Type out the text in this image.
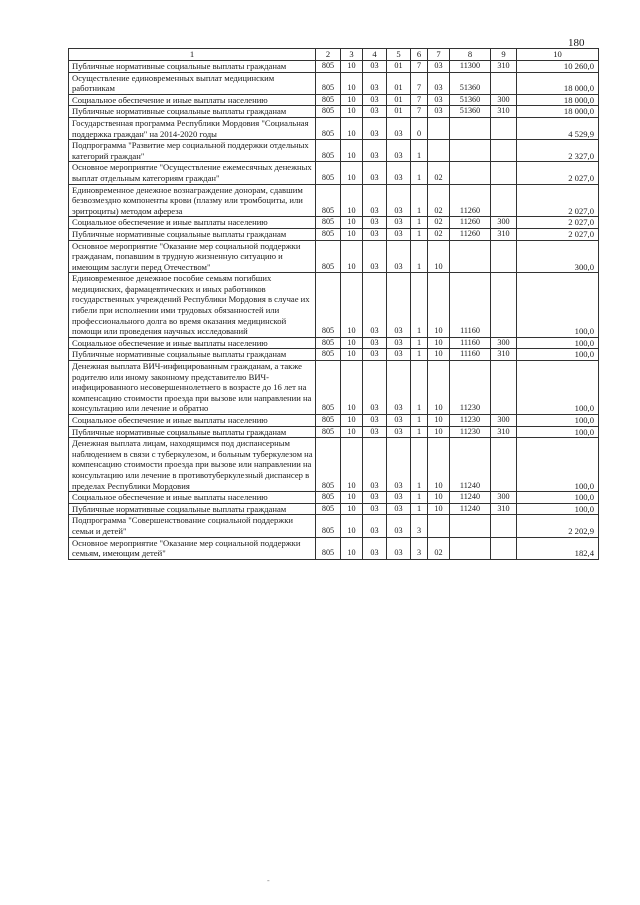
180
1	2	3	4	5	6	7	8	9	10
Публичные нормативные социальные выплаты гражданам	805	10	03	01	7	03	11300	310	10 260,0
Осуществление единовременных выплат медицинским работникам	805	10	03	01	7	03	51360		18 000,0
Социальное обеспечение и иные выплаты населению	805	10	03	01	7	03	51360	300	18 000,0
Публичные нормативные социальные выплаты гражданам	805	10	03	01	7	03	51360	310	18 000,0
Государственная программа Республики Мордовия "Социальная поддержка граждан" на 2014-2020 годы	805	10	03	03	0				4 529,9
Подпрограмма "Развитие мер социальной поддержки отдельных категорий граждан"	805	10	03	03	1				2 327,0
Основное мероприятие "Осуществление ежемесячных денежных выплат отдельным категориям граждан"	805	10	03	03	1	02			2 027,0
Единовременное денежное вознаграждение донорам, сдавшим безвозмездно компоненты крови (плазму или тромбоциты, или эритроциты) методом афереза	805	10	03	03	1	02	11260		2 027,0
Социальное обеспечение и иные выплаты населению	805	10	03	03	1	02	11260	300	2 027,0
Публичные нормативные социальные выплаты гражданам	805	10	03	03	1	02	11260	310	2 027,0
Основное мероприятие "Оказание мер социальной поддержки гражданам, попавшим в трудную жизненную ситуацию и имеющим заслуги перед Отечеством"	805	10	03	03	1	10			300,0
Единовременное денежное пособие семьям погибших медицинских, фармацевтических и иных работников государственных учреждений Республики Мордовия в случае их гибели при исполнении ими трудовых обязанностей или профессионального долга во время оказания медицинской помощи или проведения научных исследований	805	10	03	03	1	10	11160		100,0
Социальное обеспечение и иные выплаты населению	805	10	03	03	1	10	11160	300	100,0
Публичные нормативные социальные выплаты гражданам	805	10	03	03	1	10	11160	310	100,0
Денежная выплата ВИЧ-инфицированным гражданам, а также родителю или иному законному представителю ВИЧ-инфицированного несовершеннолетнего в возрасте до 16 лет на компенсацию стоимости проезда при вызове или направлении на консультацию или лечение и обратно	805	10	03	03	1	10	11230		100,0
Социальное обеспечение и иные выплаты населению	805	10	03	03	1	10	11230	300	100,0
Публичные нормативные социальные выплаты гражданам	805	10	03	03	1	10	11230	310	100,0
Денежная выплата лицам, находящимся под диспансерным наблюдением в связи с туберкулезом, и больным туберкулезом на компенсацию стоимости проезда при вызове или направлении на консультацию или лечение в противотуберкулезный диспансер в пределах Республики Мордовия	805	10	03	03	1	10	11240		100,0
Социальное обеспечение и иные выплаты населению	805	10	03	03	1	10	11240	300	100,0
Публичные нормативные социальные выплаты гражданам	805	10	03	03	1	10	11240	310	100,0
Подпрограмма "Совершенствование социальной поддержки семьи и детей"	805	10	03	03	3				2 202,9
Основное мероприятие "Оказание мер социальной поддержки семьям, имеющим детей"	805	10	03	03	3	02			182,4
-
